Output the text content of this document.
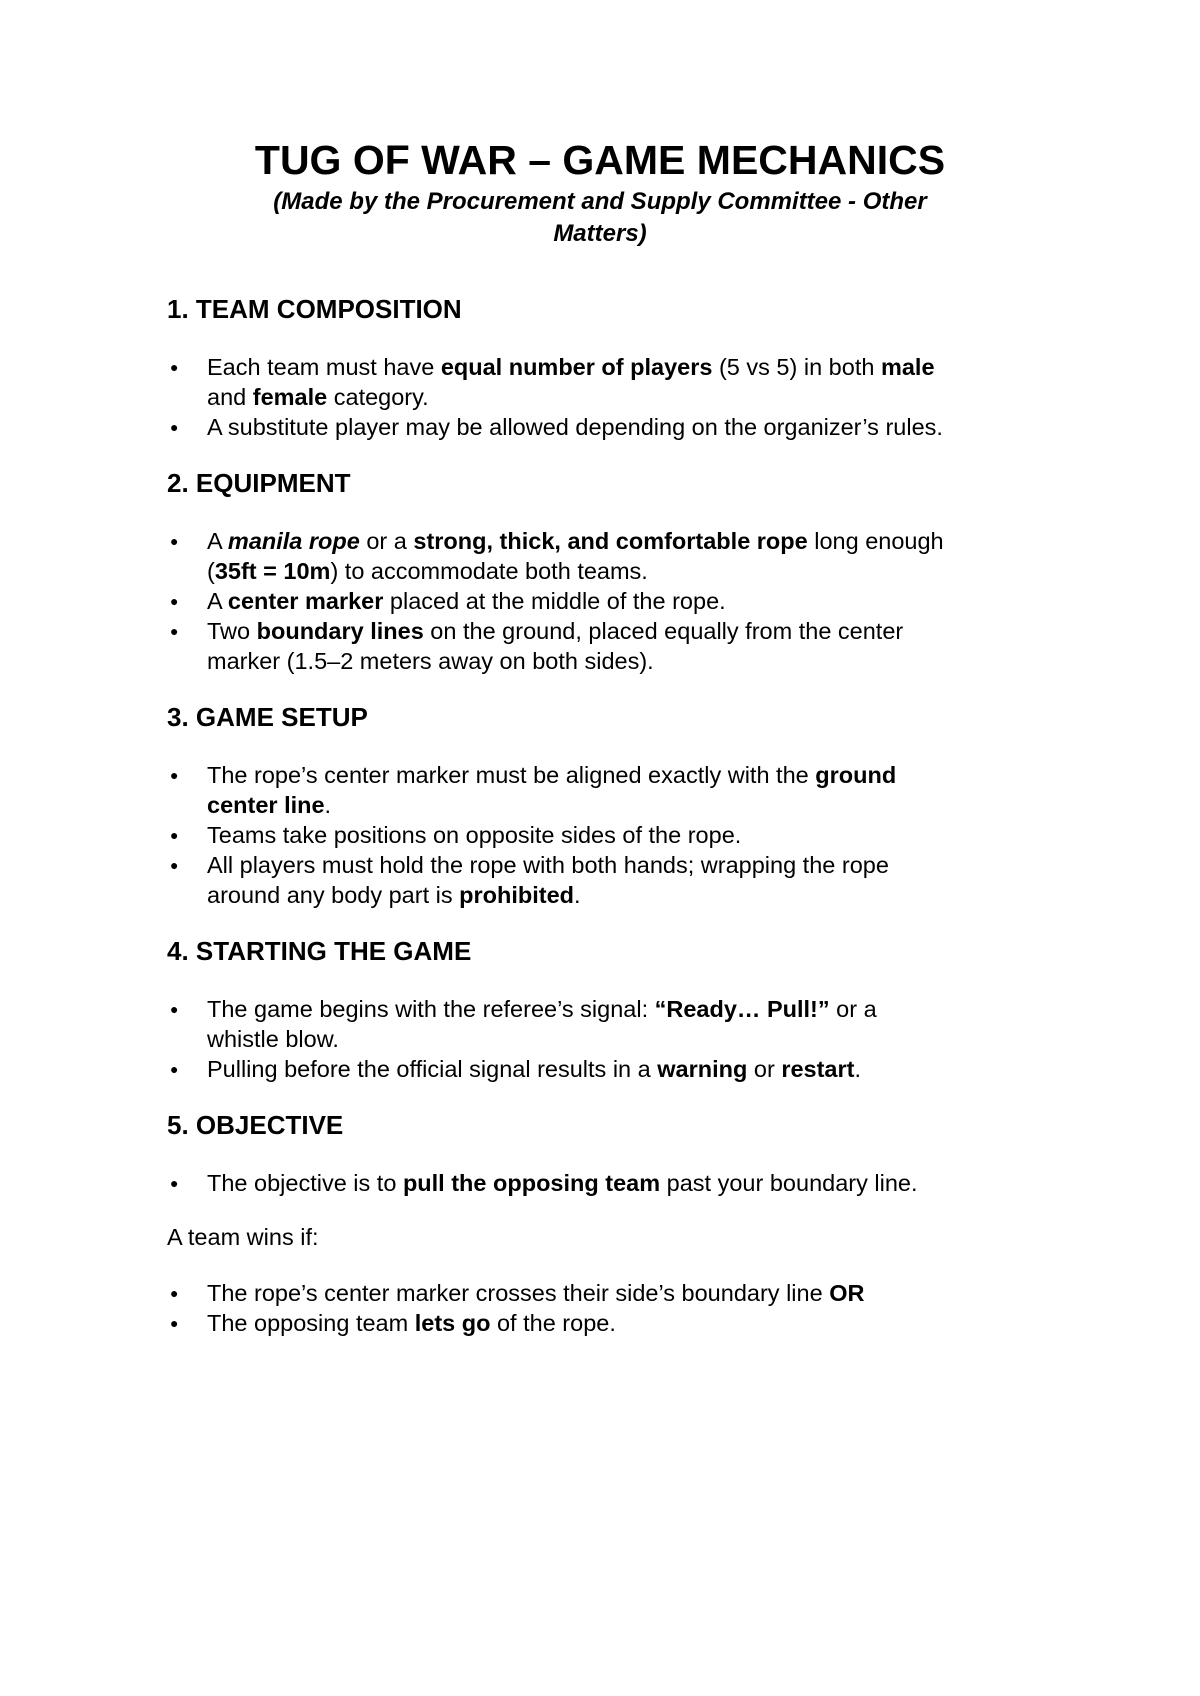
TUG OF WAR – GAME MECHANICS
(Made by the Procurement and Supply Committee - Other Matters)
1. TEAM COMPOSITION
● Each team must have equal number of players (5 vs 5) in both male and female category.
● A substitute player may be allowed depending on the organizer’s rules.
2. EQUIPMENT
● A manila rope or a strong, thick, and comfortable rope long enough (35ft = 10m) to accommodate both teams.
● A center marker placed at the middle of the rope.
● Two boundary lines on the ground, placed equally from the center marker (1.5–2 meters away on both sides).
3. GAME SETUP
● The rope’s center marker must be aligned exactly with the ground center line.
● Teams take positions on opposite sides of the rope.
● All players must hold the rope with both hands; wrapping the rope around any body part is prohibited.
4. STARTING THE GAME
● The game begins with the referee’s signal: “Ready… Pull!” or a whistle blow.
● Pulling before the official signal results in a warning or restart.
5. OBJECTIVE
● The objective is to pull the opposing team past your boundary line.
A team wins if:
● The rope’s center marker crosses their side’s boundary line OR
● The opposing team lets go of the rope.
